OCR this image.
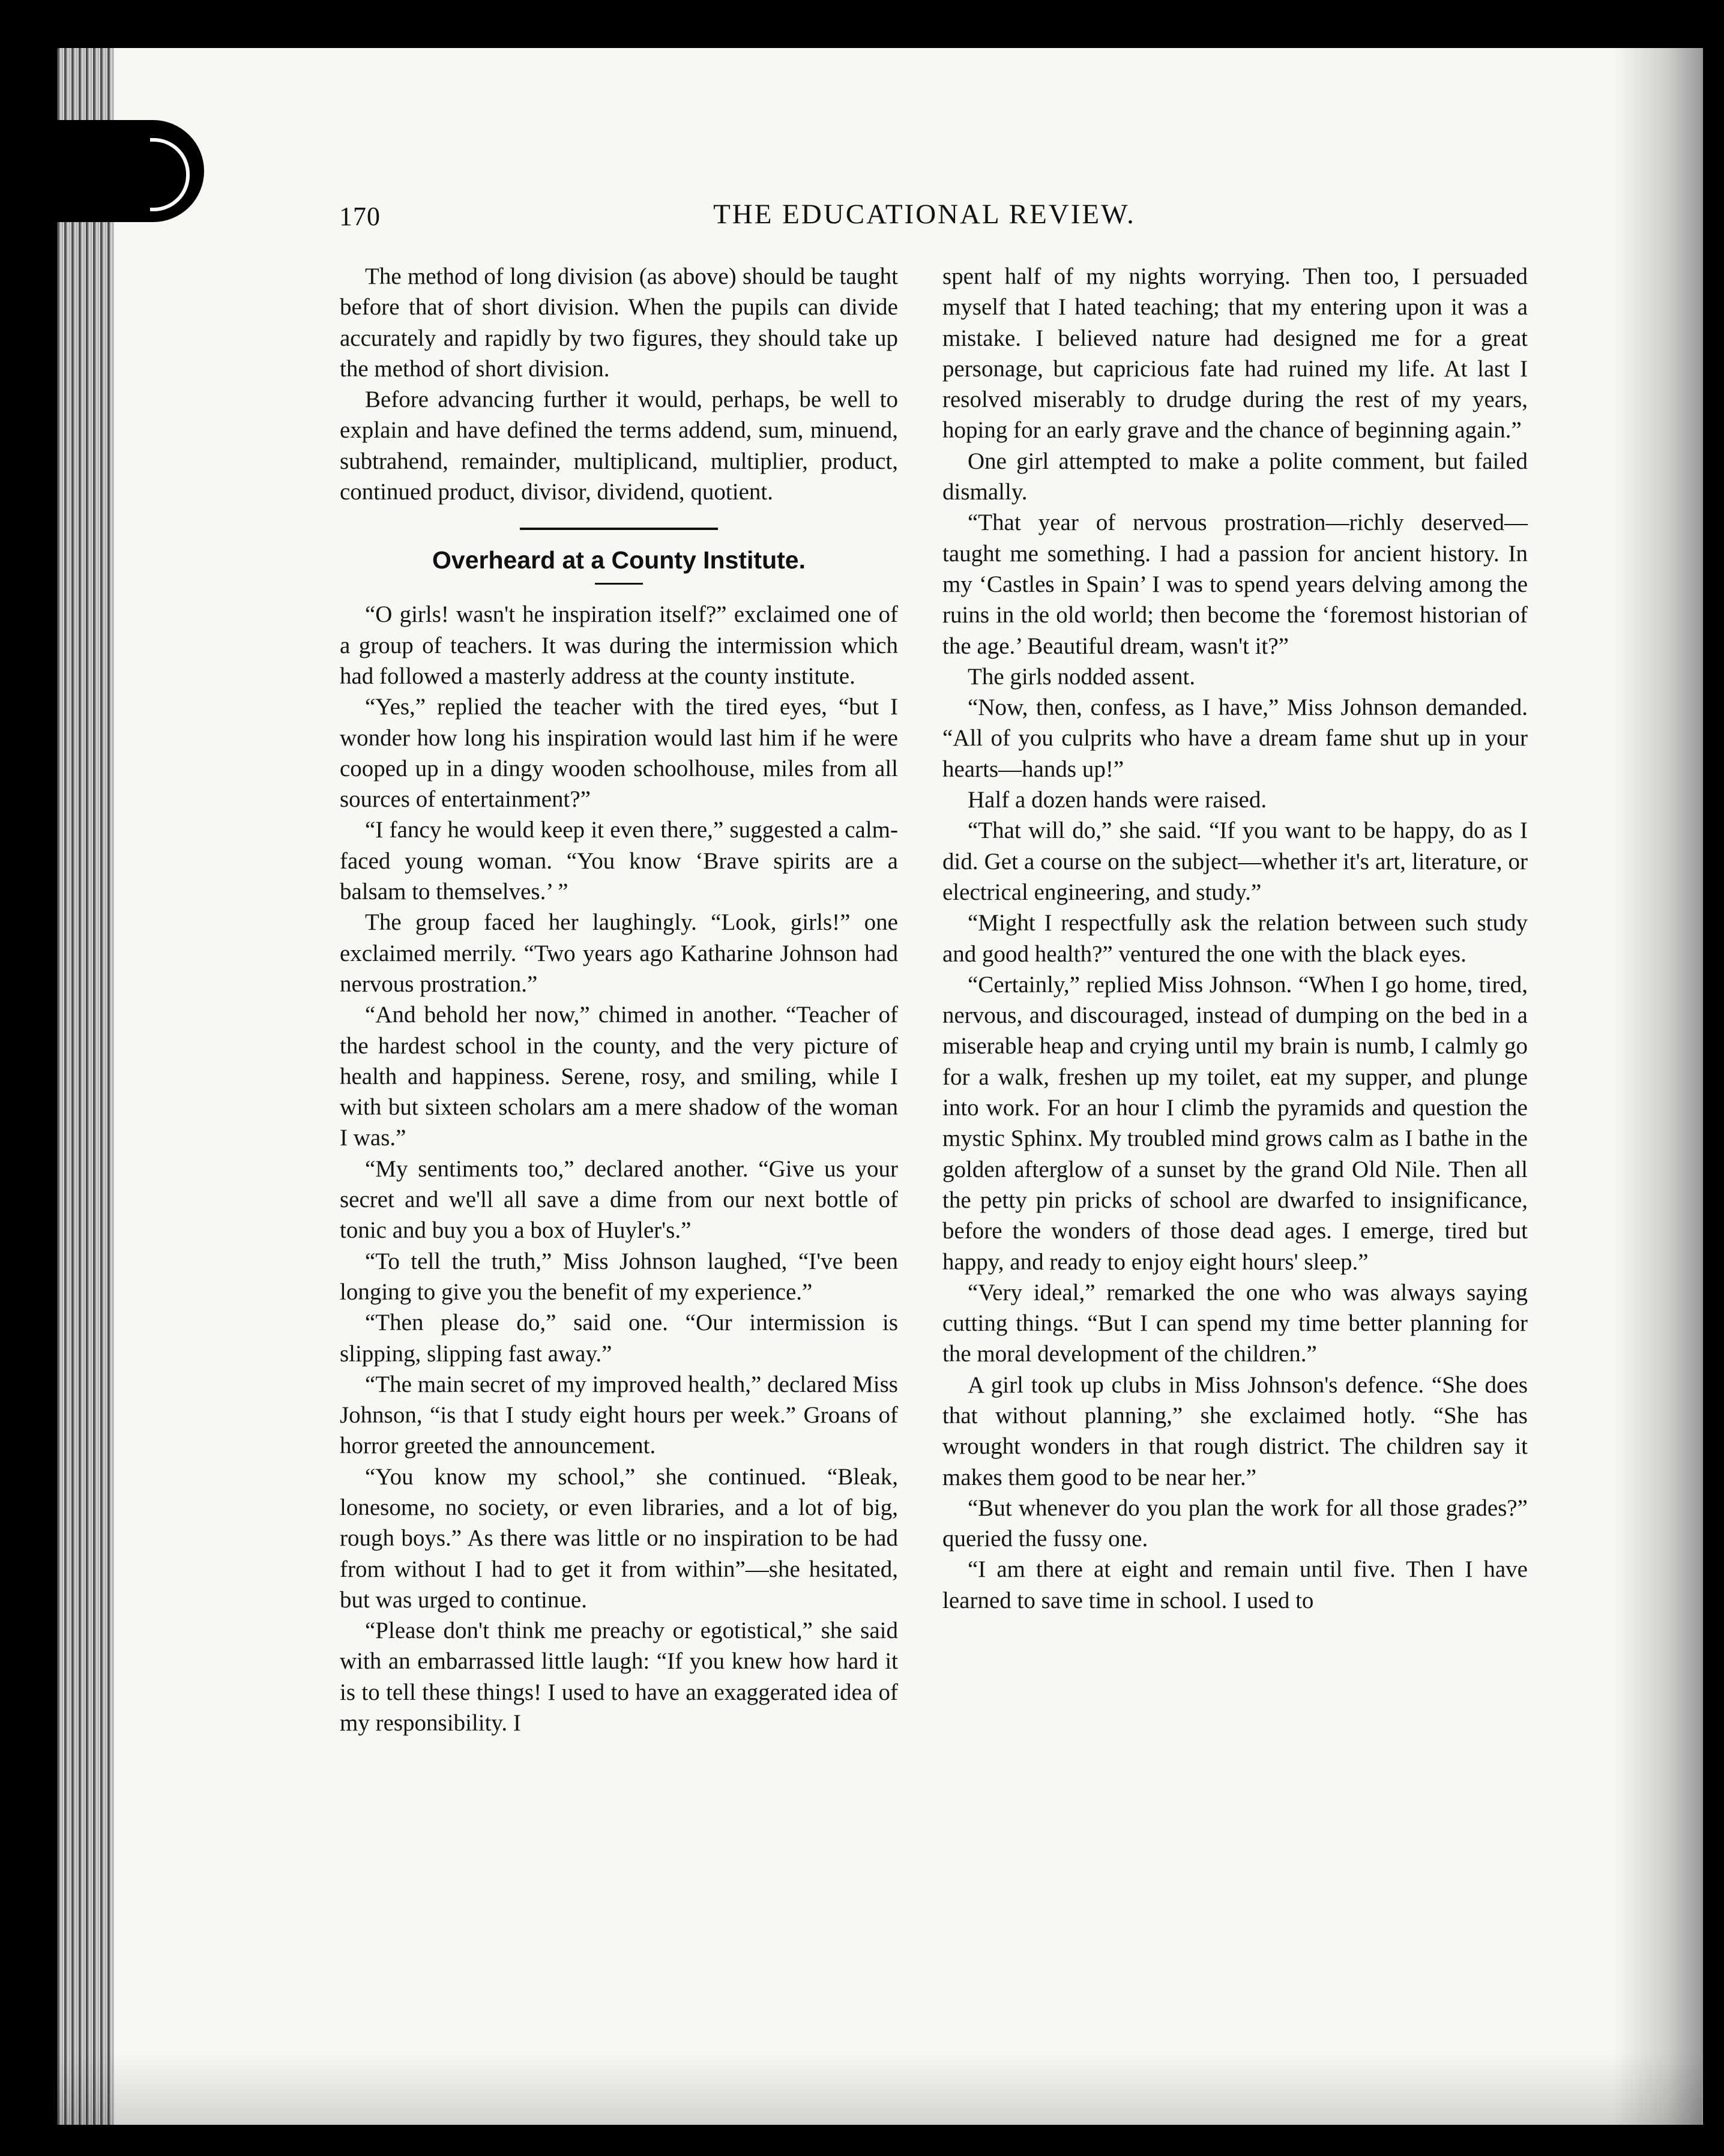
170	THE EDUCATIONAL REVIEW.

The method of long division (as above) should be taught before that of short division. When the pupils can divide accurately and rapidly by two figures, they should take up the method of short division.

Before advancing further it would, perhaps, be well to explain and have defined the terms addend, sum, minuend, subtrahend, remainder, multiplicand, multiplier, product, continued product, divisor, dividend, quotient.

Overheard at a County Institute.

“O girls! wasn't he inspiration itself?” exclaimed one of a group of teachers. It was during the intermission which had followed a masterly address at the county institute.

“Yes,” replied the teacher with the tired eyes, “but I wonder how long his inspiration would last him if he were cooped up in a dingy wooden schoolhouse, miles from all sources of entertainment?”

“I fancy he would keep it even there,” suggested a calm-faced young woman. “You know ‘Brave spirits are a balsam to themselves.’ ”

The group faced her laughingly. “Look, girls!” one exclaimed merrily. “Two years ago Katharine Johnson had nervous prostration.”

“And behold her now,” chimed in another. “Teacher of the hardest school in the county, and the very picture of health and happiness. Serene, rosy, and smiling, while I with but sixteen scholars am a mere shadow of the woman I was.”

“My sentiments too,” declared another. “Give us your secret and we'll all save a dime from our next bottle of tonic and buy you a box of Huyler's.”

“To tell the truth,” Miss Johnson laughed, “I've been longing to give you the benefit of my experience.”

“Then please do,” said one. “Our intermission is slipping, slipping fast away.”

“The main secret of my improved health,” declared Miss Johnson, “is that I study eight hours per week.” Groans of horror greeted the announcement.

“You know my school,” she continued. “Bleak, lonesome, no society, or even libraries, and a lot of big, rough boys.” As there was little or no inspiration to be had from without I had to get it from within”—she hesitated, but was urged to continue.

“Please don't think me preachy or egotistical,” she said with an embarrassed little laugh: “If you knew how hard it is to tell these things! I used to have an exaggerated idea of my responsibility. I

spent half of my nights worrying. Then too, I persuaded myself that I hated teaching; that my entering upon it was a mistake. I believed nature had designed me for a great personage, but capricious fate had ruined my life. At last I resolved miserably to drudge during the rest of my years, hoping for an early grave and the chance of beginning again.”

One girl attempted to make a polite comment, but failed dismally.

“That year of nervous prostration—richly deserved—taught me something. I had a passion for ancient history. In my ‘Castles in Spain’ I was to spend years delving among the ruins in the old world; then become the ‘foremost historian of the age.’ Beautiful dream, wasn't it?”

The girls nodded assent.

“Now, then, confess, as I have,” Miss Johnson demanded. “All of you culprits who have a dream fame shut up in your hearts—hands up!”

Half a dozen hands were raised.

“That will do,” she said. “If you want to be happy, do as I did. Get a course on the subject—whether it's art, literature, or electrical engineering, and study.”

“Might I respectfully ask the relation between such study and good health?” ventured the one with the black eyes.

“Certainly,” replied Miss Johnson. “When I go home, tired, nervous, and discouraged, instead of dumping on the bed in a miserable heap and crying until my brain is numb, I calmly go for a walk, freshen up my toilet, eat my supper, and plunge into work. For an hour I climb the pyramids and question the mystic Sphinx. My troubled mind grows calm as I bathe in the golden afterglow of a sunset by the grand Old Nile. Then all the petty pin pricks of school are dwarfed to insignificance, before the wonders of those dead ages. I emerge, tired but happy, and ready to enjoy eight hours' sleep.”

“Very ideal,” remarked the one who was always saying cutting things. “But I can spend my time better planning for the moral development of the children.”

A girl took up clubs in Miss Johnson's defence. “She does that without planning,” she exclaimed hotly. “She has wrought wonders in that rough district. The children say it makes them good to be near her.”

“But whenever do you plan the work for all those grades?” queried the fussy one.

“I am there at eight and remain until five. Then I have learned to save time in school. I used to
